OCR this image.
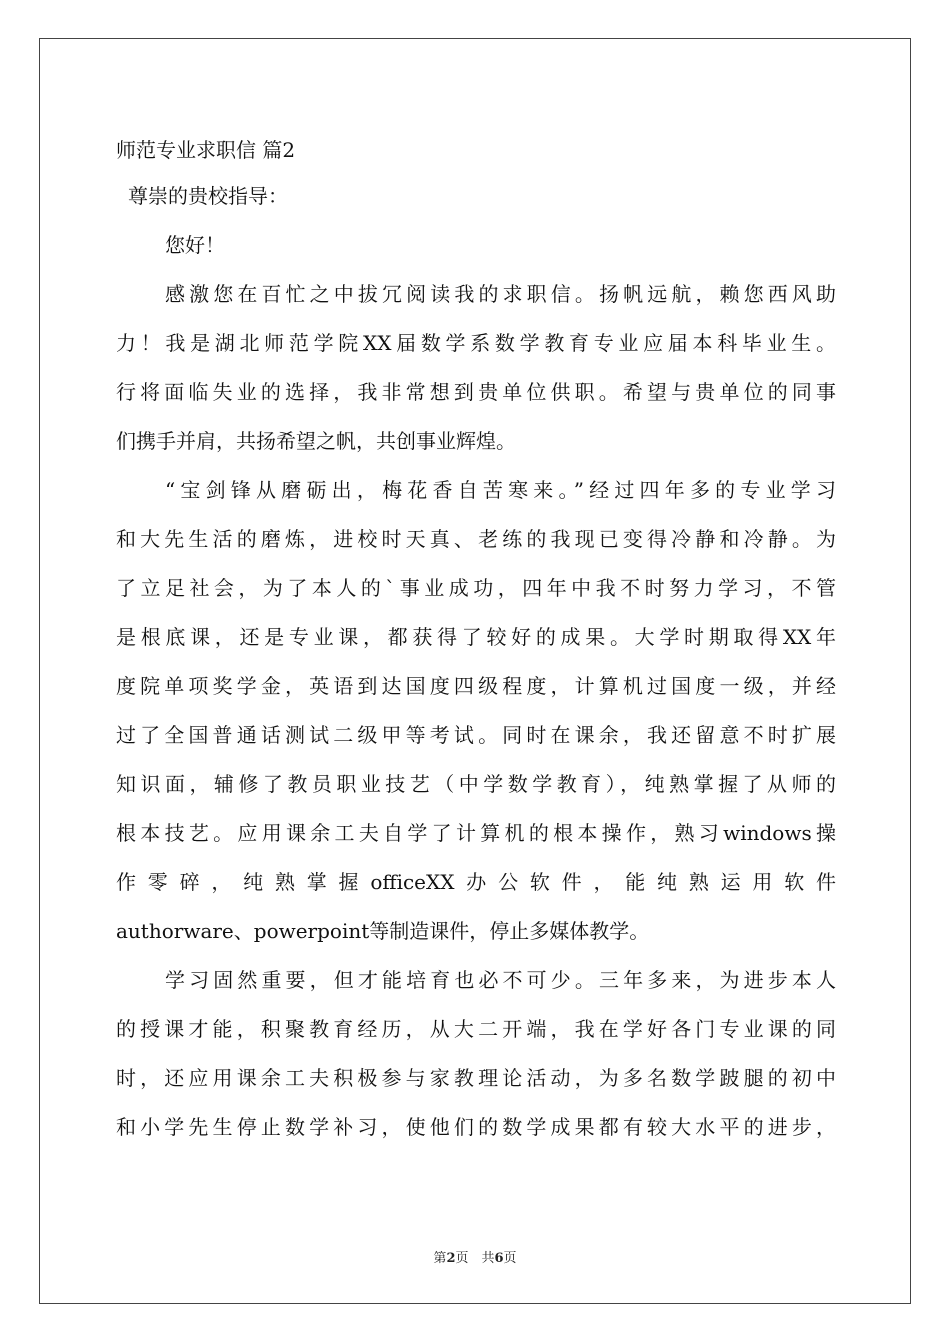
师范专业求职信 篇2
尊崇的贵校指导：
您好！
感激您在百忙之中拔冗阅读我的求职信。扬帆远航，赖您西风助
力！我是湖北师范学院XX届数学系数学教育专业应届本科毕业生。
行将面临失业的选择，我非常想到贵单位供职。希望与贵单位的同事
们携手并肩，共扬希望之帆，共创事业辉煌。
“宝剑锋从磨砺出，梅花香自苦寒来。”经过四年多的专业学习
和大先生活的磨炼，进校时天真、老练的我现已变得冷静和冷静。为
了立足社会，为了本人的`事业成功，四年中我不时努力学习，不管
是根底课，还是专业课，都获得了较好的成果。大学时期取得XX年
度院单项奖学金，英语到达国度四级程度，计算机过国度一级，并经
过了全国普通话测试二级甲等考试。同时在课余，我还留意不时扩展
知识面，辅修了教员职业技艺（中学数学教育），纯熟掌握了从师的
根本技艺。应用课余工夫自学了计算机的根本操作，熟习windows操
作零碎，纯熟掌握officeXX办公软件，能纯熟运用软件
authorware、powerpoint等制造课件，停止多媒体教学。
学习固然重要，但才能培育也必不可少。三年多来，为进步本人
的授课才能，积聚教育经历，从大二开端，我在学好各门专业课的同
时，还应用课余工夫积极参与家教理论活动，为多名数学跛腿的初中
和小学先生停止数学补习，使他们的数学成果都有较大水平的进步，
第2页　共6页
